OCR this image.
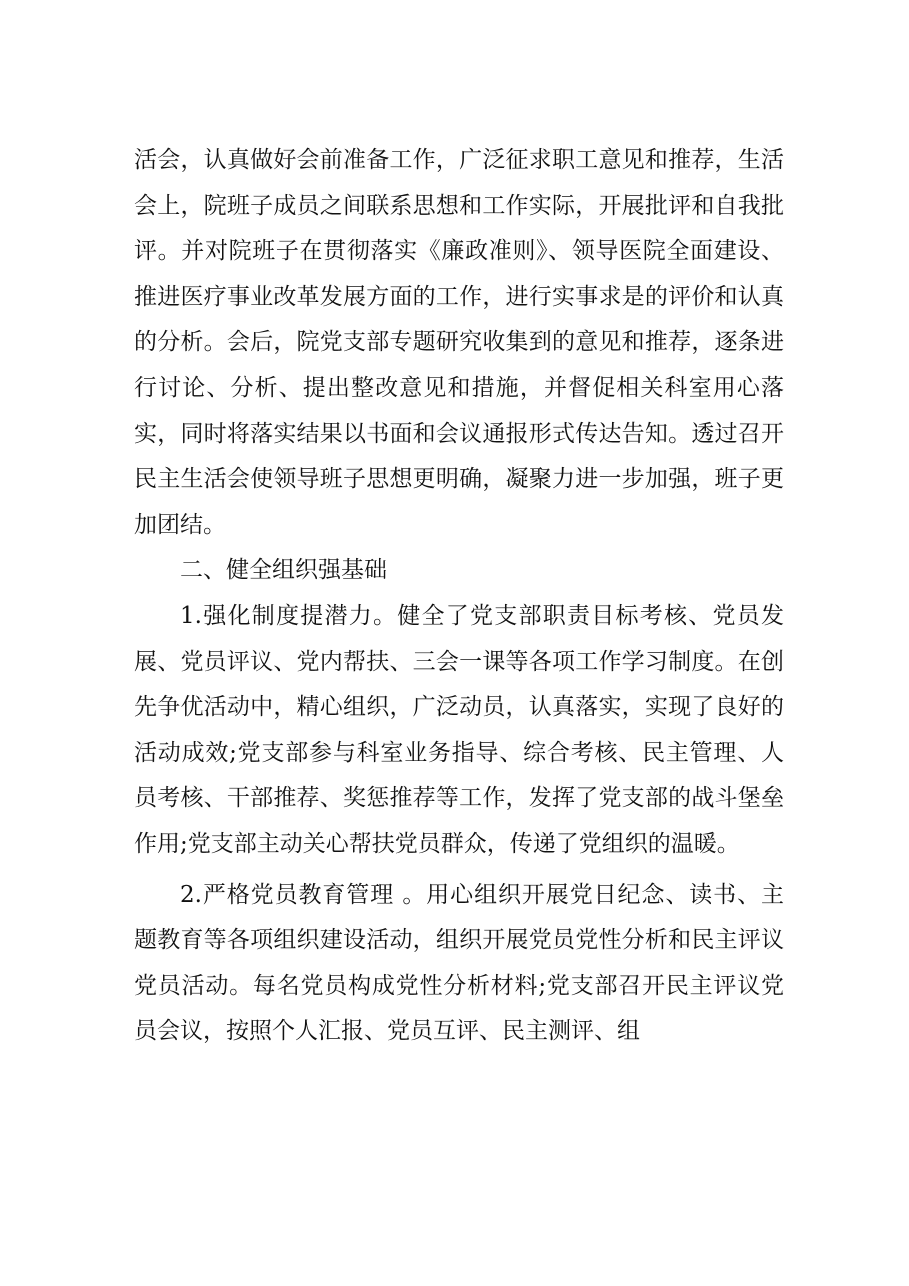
活会，认真做好会前准备工作，广泛征求职工意见和推荐，生活会上，院班子成员之间联系思想和工作实际，开展批评和自我批评。并对院班子在贯彻落实《廉政准则》、领导医院全面建设、推进医疗事业改革发展方面的工作，进行实事求是的评价和认真的分析。会后，院党支部专题研究收集到的意见和推荐，逐条进行讨论、分析、提出整改意见和措施，并督促相关科室用心落实，同时将落实结果以书面和会议通报形式传达告知。透过召开民主生活会使领导班子思想更明确，凝聚力进一步加强，班子更加团结。

二、健全组织强基础

1.强化制度提潜力。健全了党支部职责目标考核、党员发展、党员评议、党内帮扶、三会一课等各项工作学习制度。在创先争优活动中，精心组织，广泛动员，认真落实，实现了良好的活动成效;党支部参与科室业务指导、综合考核、民主管理、人员考核、干部推荐、奖惩推荐等工作，发挥了党支部的战斗堡垒作用;党支部主动关心帮扶党员群众，传递了党组织的温暖。

2.严格党员教育管理 。用心组织开展党日纪念、读书、主题教育等各项组织建设活动，组织开展党员党性分析和民主评议党员活动。每名党员构成党性分析材料;党支部召开民主评议党员会议，按照个人汇报、党员互评、民主测评、组
